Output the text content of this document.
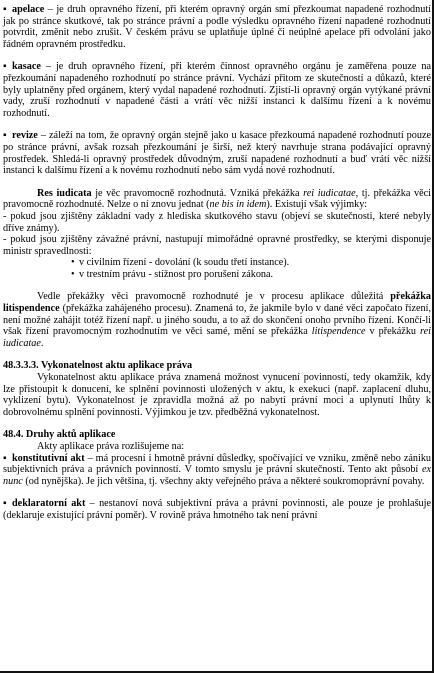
▪ apelace – je druh opravného řízení, při kterém opravný orgán smí přezkoumat napadené rozhodnutí jak po stránce skutkové, tak po stránce právní a podle výsledku opravného řízení napadené rozhodnutí potvrdit, změnit nebo zrušit. V českém právu se uplatňuje úplné či neúplné apelace při odvolání jako řádném opravném prostředku.

▪ kasace – je druh opravného řízení, při kterém činnost opravného orgánu je zaměřena pouze na přezkoumání napadeného rozhodnutí po stránce právní. Vychází přitom ze skutečností a důkazů, které byly uplatněny před orgánem, který vydal napadené rozhodnutí. Zjistí-li opravný orgán vytýkané právní vady, zruší rozhodnutí v napadené části a vrátí věc nižší instanci k dalšímu řízení a k novému rozhodnutí.

▪ revize – záleží na tom, že opravný orgán stejně jako u kasace přezkoumá napadené rozhodnutí pouze po stránce právní, avšak rozsah přezkoumání je širší, než který navrhuje strana podávající opravný prostředek. Shledá-li opravný prostředek důvodným, zruší napadené rozhodnutí a buď vrátí věc nižší instanci k dalšímu řízení a k novému rozhodnutí nebo sám vydá nové rozhodnutí.

Res iudicata je věc pravomocně rozhodnutá. Vzniká překážka rei iudicatae, tj. překážka věci pravomocně rozhodnuté. Nelze o ní znovu jednat (ne bis in idem). Existují však výjimky:

- pokud jsou zjištěny základní vady z hlediska skutkového stavu (objeví se skutečnosti, které nebyly dříve známy).

- pokud jsou zjištěny závažné právní, nastupují mimořádné opravné prostředky, se kterými disponuje ministr spravedlnosti:

• v civilním řízení - dovolání (k soudu třetí instance).

• v trestním právu - stížnost pro porušení zákona.

Vedle překážky věci pravomocně rozhodnuté je v procesu aplikace důležitá překážka litispendence (překážka zahájeného procesu). Znamená to, že jakmile bylo v dané věci započato řízení, není možné zahájit totéž řízení např. u jiného soudu, a to až do skončení onoho prvního řízení. Končí-li však řízení pravomocným rozhodnutím ve věci samé, mění se překážka litispendence v překážku rei iudicatae.

48.3.3.3. Vykonatelnost aktu aplikace práva

Vykonatelnost aktu aplikace práva znamená možnost vynucení povinností, tedy okamžik, kdy lze přistoupit k donucení, ke splnění povinnosti uložených v aktu, k exekuci (např. zaplacení dluhu, vyklizení bytu). Vykonatelnost je zpravidla možná až po nabytí právní moci a uplynutí lhůty k dobrovolnému splnění povinnosti. Výjimkou je tzv. předběžná vykonatelnost.

48.4. Druhy aktů aplikace

Akty aplikace práva rozlišujeme na:

▪ konstitutivní akt – má procesní i hmotně právní důsledky, spočívající ve vzniku, změně nebo zániku subjektivních práva a právních povinností. V tomto smyslu je právní skutečností. Tento akt působí ex nunc (od nynějška). Je jich většina, tj. všechny akty veřejného práva a některé soukromoprávní povahy.

▪ deklaratorní akt – nestanoví nová subjektivní práva a právní povinnosti, ale pouze je prohlašuje (deklaruje existující právní poměr). V rovině práva hmotného tak není právní
